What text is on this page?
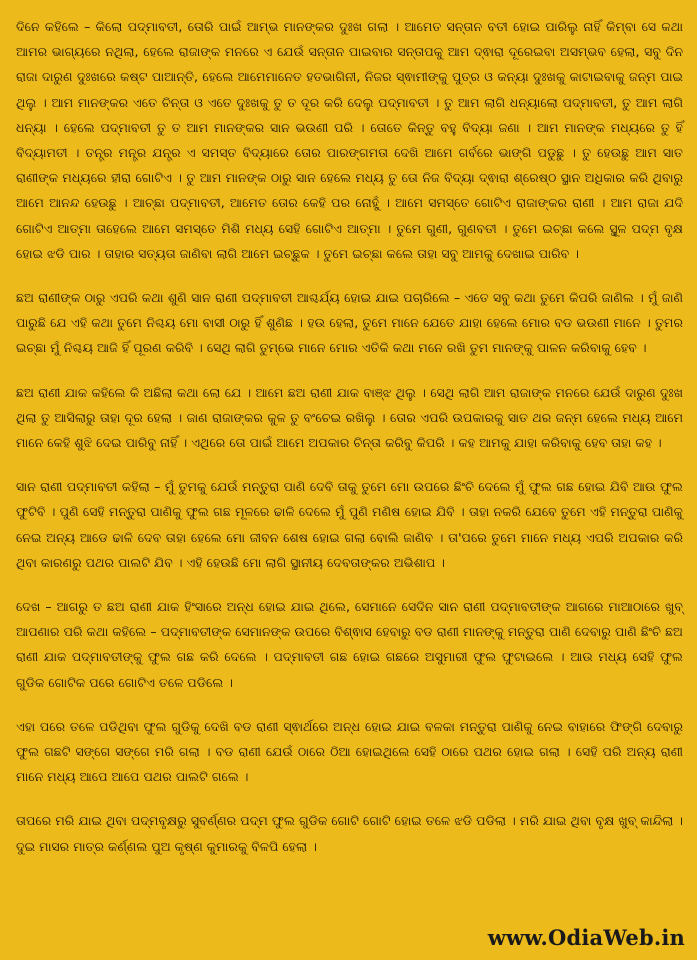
ଦିନେ କହିଲେ – କିଲୋ ପଦ୍ମାବତୀ, ତୋରି ପାଇଁ ଆମ୍ଭ ମାନଙ୍କର ଦୁଃଖ ଗଲା । ଆମେତ ସନ୍ତାନ ବତୀ ହୋଇ ପାରିଲୁ ନାହିଁ କିମ୍ବା ସେ କଥା ଆମର ଭାଗ୍ୟରେ ନଥିଲା, ହେଲେ ରାଜାଙ୍କ ମନରେ ଏ ଯେଉଁ ସନ୍ତାନ ପାଇବାର ସନ୍ତାପକୁ ଆମ ଦ୍ଵାରା ଦୂରେଇବା ଅସମ୍ଭବ ହେଲା, ସବୁ ଦିନ ରାଜା ଦାରୁଣ ଦୁଃଖରେ କଷ୍ଟ ପାଆନ୍ତି, ହେଲେ ଆମେମାନେତ ହତଭାଗିନୀ, ନିଜର ସ୍ଵାମୀଙ୍କୁ ପୁତ୍ର ଓ କନ୍ୟା ଦୁଃଖକୁ କାଟାଇବାକୁ ଜନ୍ମ ପାଇ ଥିଲୁ । ଆମ ମାନଙ୍କର ଏତେ ଚିନ୍ତା ଓ ଏତେ ଦୁଃଖକୁ ତୁ ତ ଦୂର କରି ଦେଲୁ ପଦ୍ମାବତୀ । ତୁ ଆମ ଲାଗି ଧନ୍ୟାଲୋ ପଦ୍ମାବତୀ, ତୁ ଆମ ଲାଗି ଧନ୍ୟା । ହେଲେ ପଦ୍ମାବତୀ ତୁ ତ ଆମ ମାନଙ୍କର ସାନ ଭଉଣୀ ପରି । ତୋତେ କିନ୍ତୁ ବହୁ ବିଦ୍ୟା ଜଣା । ଆମ ମାନଙ୍କ ମଧ୍ୟରେ ତୁ ହିଁ ବିଦ୍ୟାମତୀ । ତନ୍ତ୍ର ମନ୍ତ୍ର ଯନ୍ତ୍ର ଏ ସମସ୍ତ ବିଦ୍ୟାରେ ତୋର ପାରଙ୍ଗମତା ଦେଖି ଆମେ ଗର୍ବରେ ଭାଙ୍ଗି ପଡୁଛୁ । ତୁ ହେଉଛୁ ଆମ ସାତ ରାଣୀଙ୍କ ମଧ୍ୟରେ ହୀରା ଗୋଟିଏ । ତୁ ଆମ ମାନଙ୍କ ଠାରୁ ସାନ ହେଲେ ମଧ୍ୟ ତୁ ତୋ ନିଜ ବିଦ୍ୟା ଦ୍ଵାରା ଶ୍ରେଷ୍ଠ ସ୍ଥାନ ଅଧିକାର କରି ଥିବାରୁ ଆମେ ଆନନ୍ଦ ହେଉଛୁ । ଆଚ୍ଛା ପଦ୍ମାବତୀ, ଆମେତ ତୋର କେହି ପର ନୋହୁଁ । ଆମେ ସମସ୍ତେ ଗୋଟିଏ ରାଜାଙ୍କର ରାଣୀ । ଆମ ରାଜା ଯଦି ଗୋଟିଏ ଆତ୍ମା ତାହେଲେ ଆମେ ସମସ୍ତେ ମିଶି ମଧ୍ୟ ସେହି ଗୋଟିଏ ଆତ୍ମା । ତୁମେ ଗୁଣୀ, ଗୁଣବତୀ । ତୁମେ ଇଚ୍ଛା କଲେ ସ୍ଥୂଳ ପଦ୍ମ ବୃକ୍ଷ ହୋଇ ଝଡି ପାର । ତାହାର ସତ୍ୟତା ଜାଣିବା ଲାଗି ଆମେ ଇଚ୍ଛୁକ । ତୁମେ ଇଚ୍ଛା କଲେ ତାହା ସବୁ ଆମକୁ ଦେଖାଇ ପାରିବ ।

ଛଅ ରାଣୀଙ୍କ ଠାରୁ ଏପରି କଥା ଶୁଣି ସାନ ରାଣୀ ପଦ୍ମାବତୀ ଆଶ୍ଚର୍ଯ୍ୟ ହୋଇ ଯାଇ ପଚାରିଲେ – ଏତେ ସବୁ କଥା ତୁମେ କିପରି ଜାଣିଲ । ମୁଁ ଜାଣି ପାରୁଛି ଯେ ଏହି କଥା ତୁମେ ନିଶ୍ଚୟ ମୋ ବାସୀ ଠାରୁ ହିଁ ଶୁଣିଛ । ହଉ ହେଲା, ତୁମେ ମାନେ ଯେତେ ଯାହା ହେଲେ ମୋର ବଡ ଭଉଣୀ ମାନେ । ତୁମର ଇଚ୍ଛା ମୁଁ ନିଶ୍ଚୟ ଆଜି ହିଁ ପୂରଣ କରିବି । ସେଥି ଲାଗି ତୁମ୍ଭେ ମାନେ ମୋର ଏତିକି କଥା ମନେ ରଖି ତୁମ ମାନଙ୍କୁ ପାଳନ କରିବାକୁ ହେବ ।

ଛଅ ରାଣୀ ଯାକ କହିଲେ କି ଅଛିଲା କଥା ଲୋ ଯେ । ଆମେ ଛଅ ରାଣୀ ଯାକ ବାଞ୍ଝ ଥିଲୁ । ସେଥି ଲାଗି ଆମ ରାଜାଙ୍କ ମନରେ ଯେଉଁ ଦାରୁଣ ଦୁଃଖ ଥିଲା ତୁ ଆସିଲାରୁ ତାହା ଦୂର ହେଲା । ଜାଣ ରାଜାଙ୍କର କୁଳ ତୁ ବଂଚେଇ ରଖିଲୁ । ତୋର ଏପରି ଉପକାରକୁ ସାତ ଥର ଜନ୍ମ ହେଲେ ମଧ୍ୟ ଆମେ ମାନେ କେହି ଶୁଝି ଦେଇ ପାରିବୁ ନାହିଁ । ଏଥିରେ ତୋ ପାଇଁ ଆମେ ଅପକାର ଚିନ୍ତା କରିବୁ କିପରି । କହ ଆମକୁ ଯାହା କରିବାକୁ ହେବ ତାହା କହ ।

ସାନ ରାଣୀ ପଦ୍ମାବତୀ କହିଲା – ମୁଁ ତୁମକୁ ଯେଉଁ ମନ୍ତୁରା ପାଣି ଦେବି ତାକୁ ତୁମେ ମୋ ଉପରେ ଛିଂଚି ଦେଲେ ମୁଁ ଫୁଲ ଗଛ ହୋଇ ଯିବି ଆଉ ଫୁଲ ଫୁଟିବି । ପୁଣି ସେହି ମନ୍ତୁରା ପାଣିକୁ ଫୁଲ ଗଛ ମୂଳରେ ଢାଳି ଦେଲେ ମୁଁ ପୁଣି ମଣିଷ ହୋଇ ଯିବି । ତାହା ନକରି ଯେବେ ତୁମେ ଏହି ମନ୍ତୁରା ପାଣିକୁ ନେଇ ଅନ୍ୟ ଆଡେ ଢାଳି ଦେବ ତାହା ହେଲେ ମୋ ଜୀବନ ଶେଷ ହୋଇ ଗଲା ବୋଲି ଜାଣିବ । ତା'ପରେ ତୁମେ ମାନେ ମଧ୍ୟ ଏପରି ଅପକାର କରି ଥିବା କାରଣରୁ ପଥର ପାଲଟି ଯିବ । ଏହି ହେଉଛି ମୋ ଲାଗି ସ୍ଥାନୀୟ ଦେବତାଙ୍କର ଅଭିଶାପ ।

ଦେଖ – ଆଗରୁ ତ ଛଅ ରାଣୀ ଯାକ ହିଂସାରେ ଅନ୍ଧ ହୋଇ ଯାଇ ଥିଲେ, ସେମାନେ ସେଦିନ ସାନ ରାଣୀ ପଦ୍ମାବତୀଙ୍କ ଆଗରେ ମାଆଠାରେ ଖୁବ୍ ଆପଣାର ପରି କଥା କହିଲେ – ପଦ୍ମାବତୀଙ୍କ ସେମାନଙ୍କ ଉପରେ ବିଶ୍ଵାସ ହେବାରୁ ବଡ ରାଣୀ ମାନଙ୍କୁ ମନ୍ତୁରା ପାଣି ଦେବାରୁ ପାଣି ଛିଂଚି ଛଅ ରାଣୀ ଯାକ ପଦ୍ମାବତୀଙ୍କୁ ଫୁଲ ଗଛ କରି ଦେଲେ । ପଦ୍ମାବତୀ ଗଛ ହୋଇ ଗଛରେ ଅସୁମାରୀ ଫୁଲ ଫୁଟାଇଲେ । ଆଉ ମଧ୍ୟ ସେହି ଫୁଲ ଗୁଡିକ ଗୋଟିକ ପରେ ଗୋଟିଏ ତଳେ ପଡିଲେ ।

ଏହା ପରେ ତଳେ ପଡିଥିବା ଫୁଲ ଗୁଡିକୁ ଦେଖି ବଡ ରାଣୀ ସ୍ଵାର୍ଥରେ ଅନ୍ଧ ହୋଇ ଯାଇ ବଳକା ମନ୍ତୁରା ପାଣିକୁ ନେଇ ବାହାରେ ଫିଙ୍ଗି ଦେବାରୁ ଫୁଲ ଗଛଟି ସଙ୍ଗେ ସଙ୍ଗେ ମରି ଗଲା । ବଡ ରାଣୀ ଯେଉଁ ଠାରେ ଠିଆ ହୋଇଥିଲେ ସେହି ଠାରେ ପଥର ହୋଇ ଗଲା । ସେହି ପରି ଅନ୍ୟ ରାଣୀ ମାନେ ମଧ୍ୟ ଆପେ ଆପେ ପଥର ପାଲଟି ଗଲେ ।

ତାପରେ ମରି ଯାଇ ଥିବା ପଦ୍ମବୃକ୍ଷରୁ ସୁବର୍ଣ୍ଣର ପଦ୍ମ ଫୁଲ ଗୁଡିକ ଗୋଟି ଗୋଟି ହୋଇ ତଳେ ଝଡି ପଡିଲା । ମରି ଯାଇ ଥିବା ବୃକ୍ଷ ଖୁବ୍ କାନ୍ଦିଲା । ଦୁଇ ମାସର ମାତ୍ର କର୍ଣ୍ଣଲ ପୁଅ କୃଷ୍ଣ କୁମାରକୁ ବିଳପି ହେଲା ।

www.OdiaWeb.in
